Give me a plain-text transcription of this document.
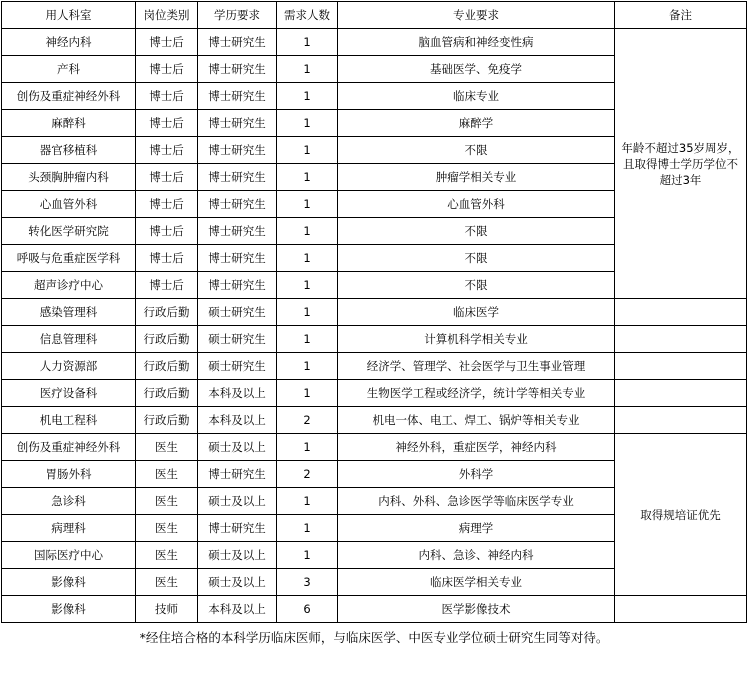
用人科室	岗位类别	学历要求	需求人数	专业要求	备注
神经内科	博士后	博士研究生	1	脑血管病和神经变性病	年龄不超过35岁周岁，且取得博士学历学位不超过3年
产科	博士后	博士研究生	1	基础医学、免疫学	
创伤及重症神经外科	博士后	博士研究生	1	临床专业	
麻醉科	博士后	博士研究生	1	麻醉学	
器官移植科	博士后	博士研究生	1	不限	
头颈胸肿瘤内科	博士后	博士研究生	1	肿瘤学相关专业	
心血管外科	博士后	博士研究生	1	心血管外科	
转化医学研究院	博士后	博士研究生	1	不限	
呼吸与危重症医学科	博士后	博士研究生	1	不限	
超声诊疗中心	博士后	博士研究生	1	不限	
感染管理科	行政后勤	硕士研究生	1	临床医学	
信息管理科	行政后勤	硕士研究生	1	计算机科学相关专业	
人力资源部	行政后勤	硕士研究生	1	经济学、管理学、社会医学与卫生事业管理	
医疗设备科	行政后勤	本科及以上	1	生物医学工程或经济学，统计学等相关专业	
机电工程科	行政后勤	本科及以上	2	机电一体、电工、焊工、锅炉等相关专业	
创伤及重症神经外科	医生	硕士及以上	1	神经外科，重症医学，神经内科	取得规培证优先
胃肠外科	医生	博士研究生	2	外科学	
急诊科	医生	硕士及以上	1	内科、外科、急诊医学等临床医学专业	
病理科	医生	博士研究生	1	病理学	
国际医疗中心	医生	硕士及以上	1	内科、急诊、神经内科	
影像科	医生	硕士及以上	3	临床医学相关专业	
影像科	技师	本科及以上	6	医学影像技术	
*经住培合格的本科学历临床医师，与临床医学、中医专业学位硕士研究生同等对待。					
